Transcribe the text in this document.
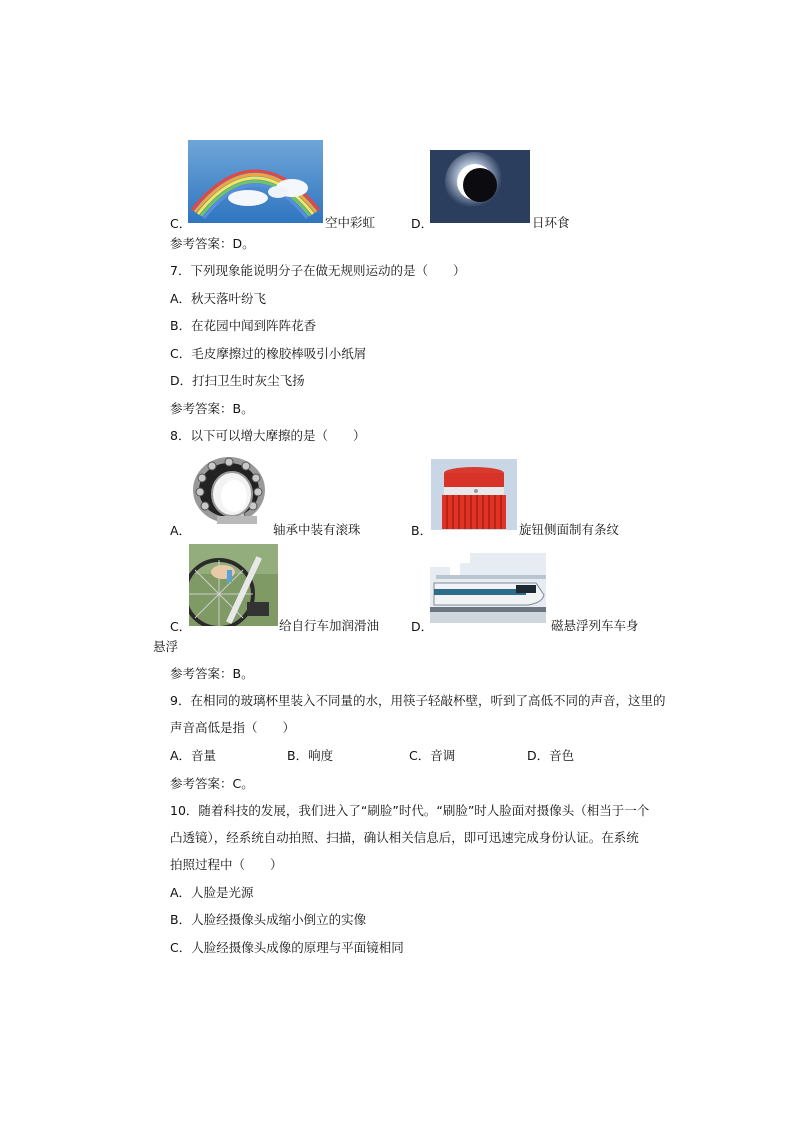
C．	空中彩虹	D．	日环食
参考答案：D。
7．下列现象能说明分子在做无规则运动的是（　　）
A．秋天落叶纷飞
B．在花园中闻到阵阵花香
C．毛皮摩擦过的橡胶棒吸引小纸屑
D．打扫卫生时灰尘飞扬
参考答案：B。
8．以下可以增大摩擦的是（　　）
A．	轴承中装有滚珠	B．	旋钮侧面制有条纹
C．	给自行车加润滑油	D．	磁悬浮列车车身
悬浮
参考答案：B。
9．在相同的玻璃杯里装入不同量的水，用筷子轻敲杯壁，听到了高低不同的声音，这里的
声音高低是指（　　）
A．音量	B．响度	C．音调	D．音色
参考答案：C。
10．随着科技的发展，我们进入了“刷脸”时代。“刷脸”时人脸面对摄像头（相当于一个
凸透镜），经系统自动拍照、扫描，确认相关信息后，即可迅速完成身份认证。在系统
拍照过程中（　　）
A．人脸是光源
B．人脸经摄像头成缩小倒立的实像
C．人脸经摄像头成像的原理与平面镜相同
